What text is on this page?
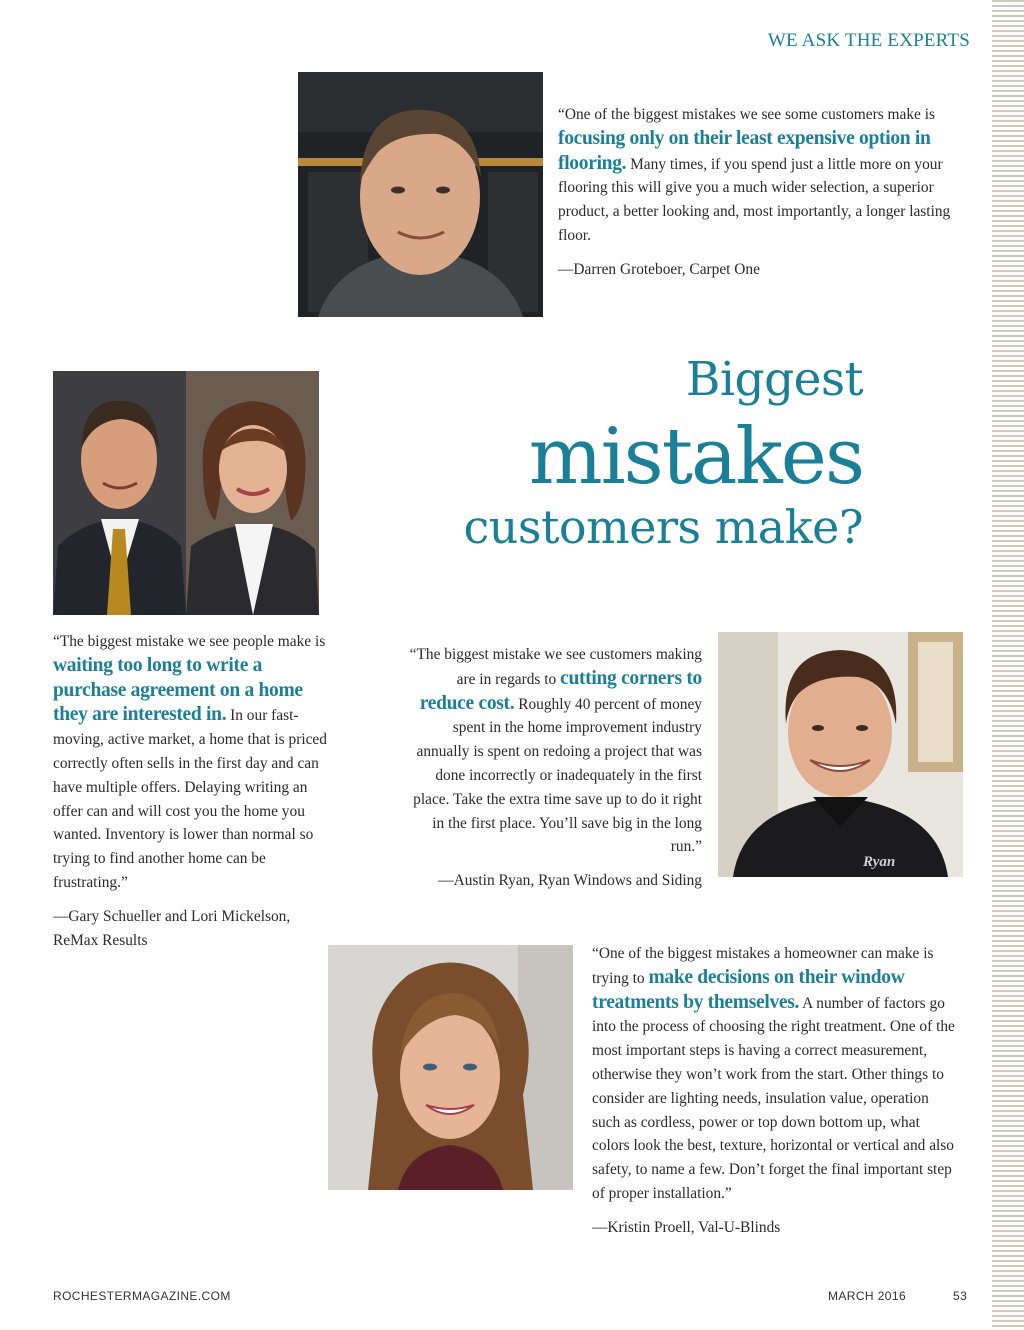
WE ASK THE EXPERTS

“One of the biggest mistakes we see some customers make is focusing only on their least expensive option in flooring. Many times, if you spend just a little more on your flooring this will give you a much wider selection, a superior product, a better looking and, most importantly, a longer lasting floor.

—Darren Groteboer, Carpet One

Biggest
mistakes
customers make?

“The biggest mistake we see people make is waiting too long to write a purchase agreement on a home they are interested in. In our fast-moving, active market, a home that is priced correctly often sells in the first day and can have multiple offers. Delaying writing an offer can and will cost you the home you wanted. Inventory is lower than normal so trying to find another home can be frustrating.”

—Gary Schueller and Lori Mickelson, ReMax Results

“The biggest mistake we see customers making are in regards to cutting corners to reduce cost. Roughly 40 percent of money spent in the home improvement industry annually is spent on redoing a project that was done incorrectly or inadequately in the first place. Take the extra time save up to do it right in the first place. You’ll save big in the long run.”

—Austin Ryan, Ryan Windows and Siding

Ryan

“One of the biggest mistakes a homeowner can make is trying to make decisions on their window treatments by themselves. A number of factors go into the process of choosing the right treatment. One of the most important steps is having a correct measurement, otherwise they won’t work from the start. Other things to consider are lighting needs, insulation value, operation such as cordless, power or top down bottom up, what colors look the best, texture, horizontal or vertical and also safety, to name a few. Don’t forget the final important step of proper installation.”

—Kristin Proell, Val-U-Blinds

ROCHESTERMAGAZINE.COM	MARCH 2016	53
